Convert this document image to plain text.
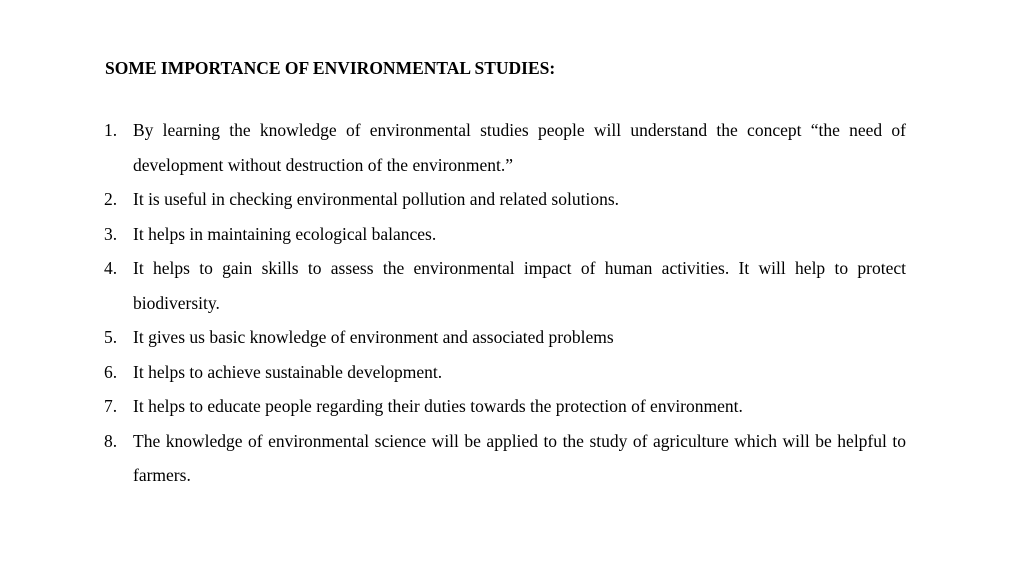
SOME IMPORTANCE OF ENVIRONMENTAL STUDIES:
1. By learning the knowledge of environmental studies people will understand the concept “the need of development without destruction of the environment.”
2. It is useful in checking environmental pollution and related solutions.
3. It helps in maintaining ecological balances.
4. It helps to gain skills to assess the environmental impact of human activities. It will help to protect biodiversity.
5. It gives us basic knowledge of environment and associated problems
6. It helps to achieve sustainable development.
7. It helps to educate people regarding their duties towards the protection of environment.
8. The knowledge of environmental science will be applied to the study of agriculture which will be helpful to farmers.
